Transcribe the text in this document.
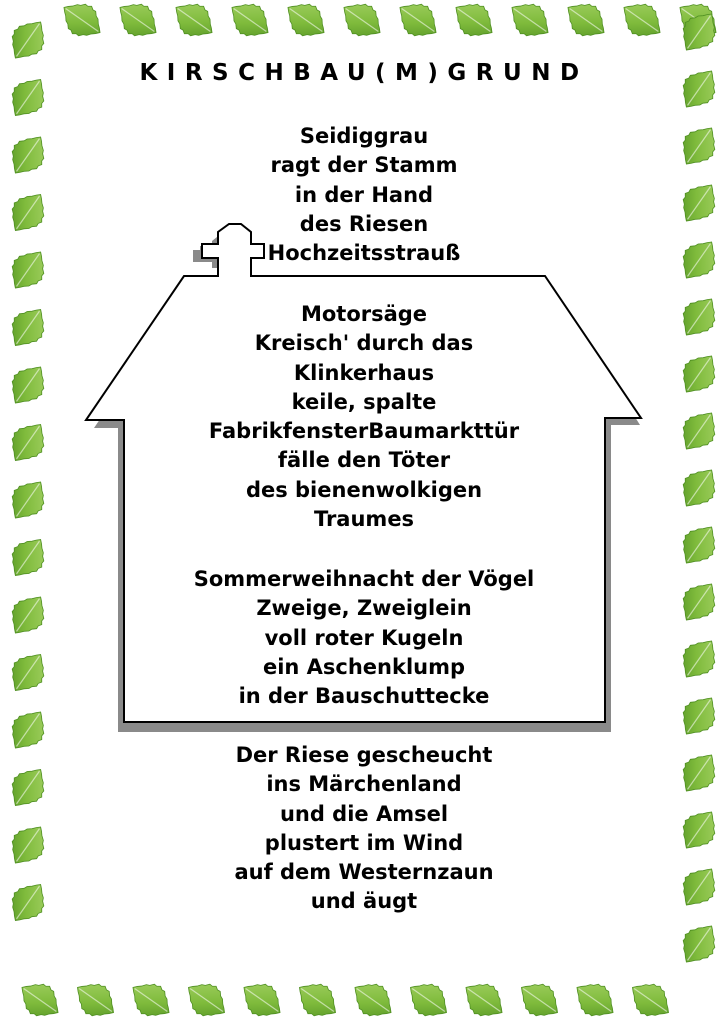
KIRSCHBAU(M)GRUND
Seidiggrau
ragt der Stamm
in der Hand
des Riesen
Hochzeitsstrauß
Motorsäge
Kreisch' durch das
Klinkerhaus
keile, spalte
FabrikfensterBaumarkttür
fälle den Töter
des bienenwolkigen
Traumes
Sommerweihnacht der Vögel
Zweige, Zweiglein
voll roter Kugeln
ein Aschenklump
in der Bauschuttecke
Der Riese gescheucht
ins Märchenland
und die Amsel
plustert im Wind
auf dem Westernzaun
und äugt
